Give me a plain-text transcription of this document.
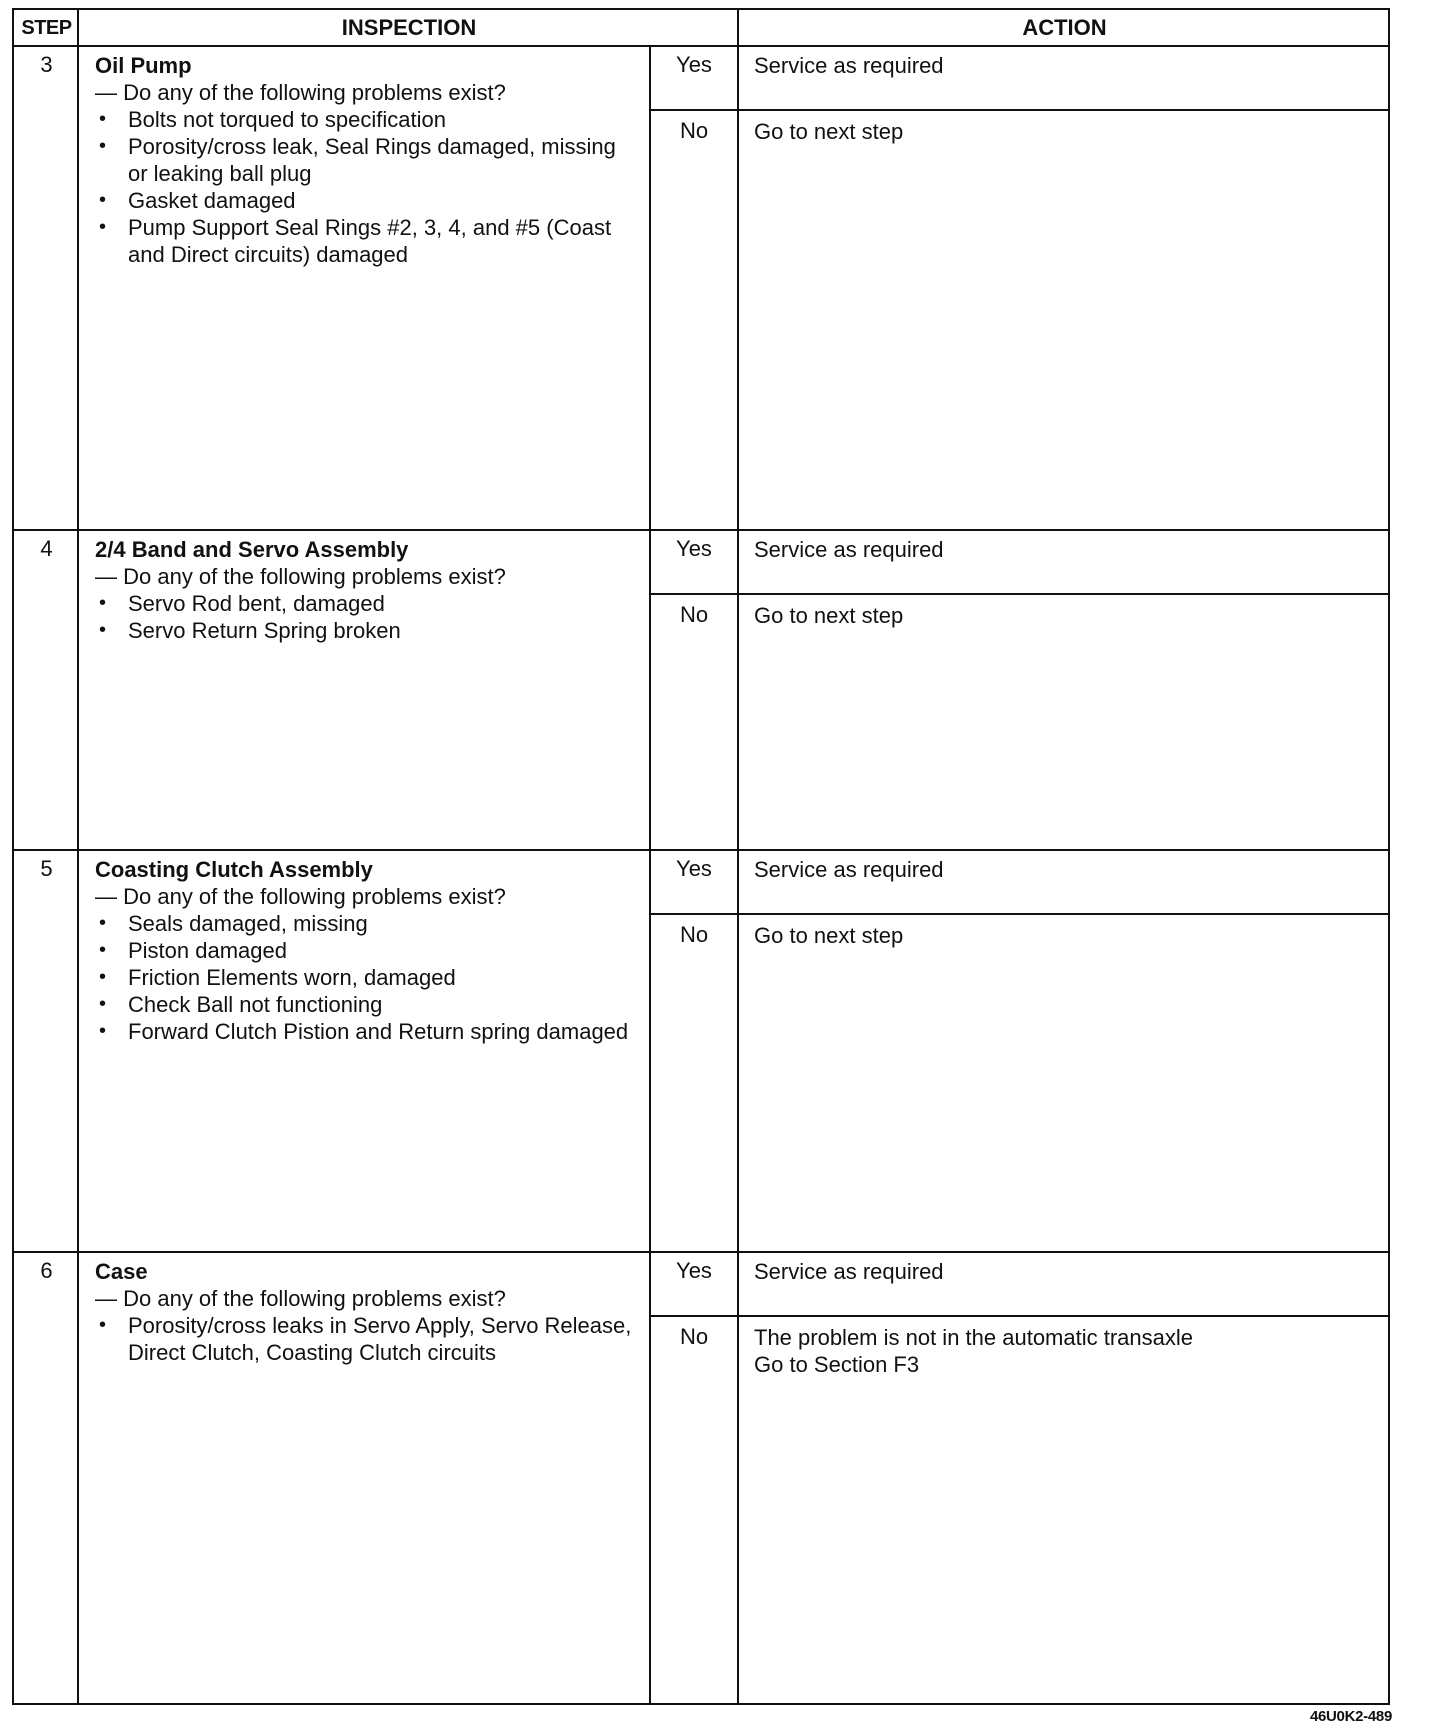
STEP	INSPECTION	ACTION
3	Oil Pump
— Do any of the following problems exist?
• Bolts not torqued to specification
• Porosity/cross leak, Seal Rings damaged, missing or leaking ball plug
• Gasket damaged
• Pump Support Seal Rings #2, 3, 4, and #5 (Coast and Direct circuits) damaged
Yes	Service as required
No	Go to next step
4	2/4 Band and Servo Assembly
— Do any of the following problems exist?
• Servo Rod bent, damaged
• Servo Return Spring broken
Yes	Service as required
No	Go to next step
5	Coasting Clutch Assembly
— Do any of the following problems exist?
• Seals damaged, missing
• Piston damaged
• Friction Elements worn, damaged
• Check Ball not functioning
• Forward Clutch Pistion and Return spring damaged
Yes	Service as required
No	Go to next step
6	Case
— Do any of the following problems exist?
• Porosity/cross leaks in Servo Apply, Servo Release, Direct Clutch, Coasting Clutch circuits
Yes	Service as required
No	The problem is not in the automatic transaxle
Go to Section F3
46U0K2-489
